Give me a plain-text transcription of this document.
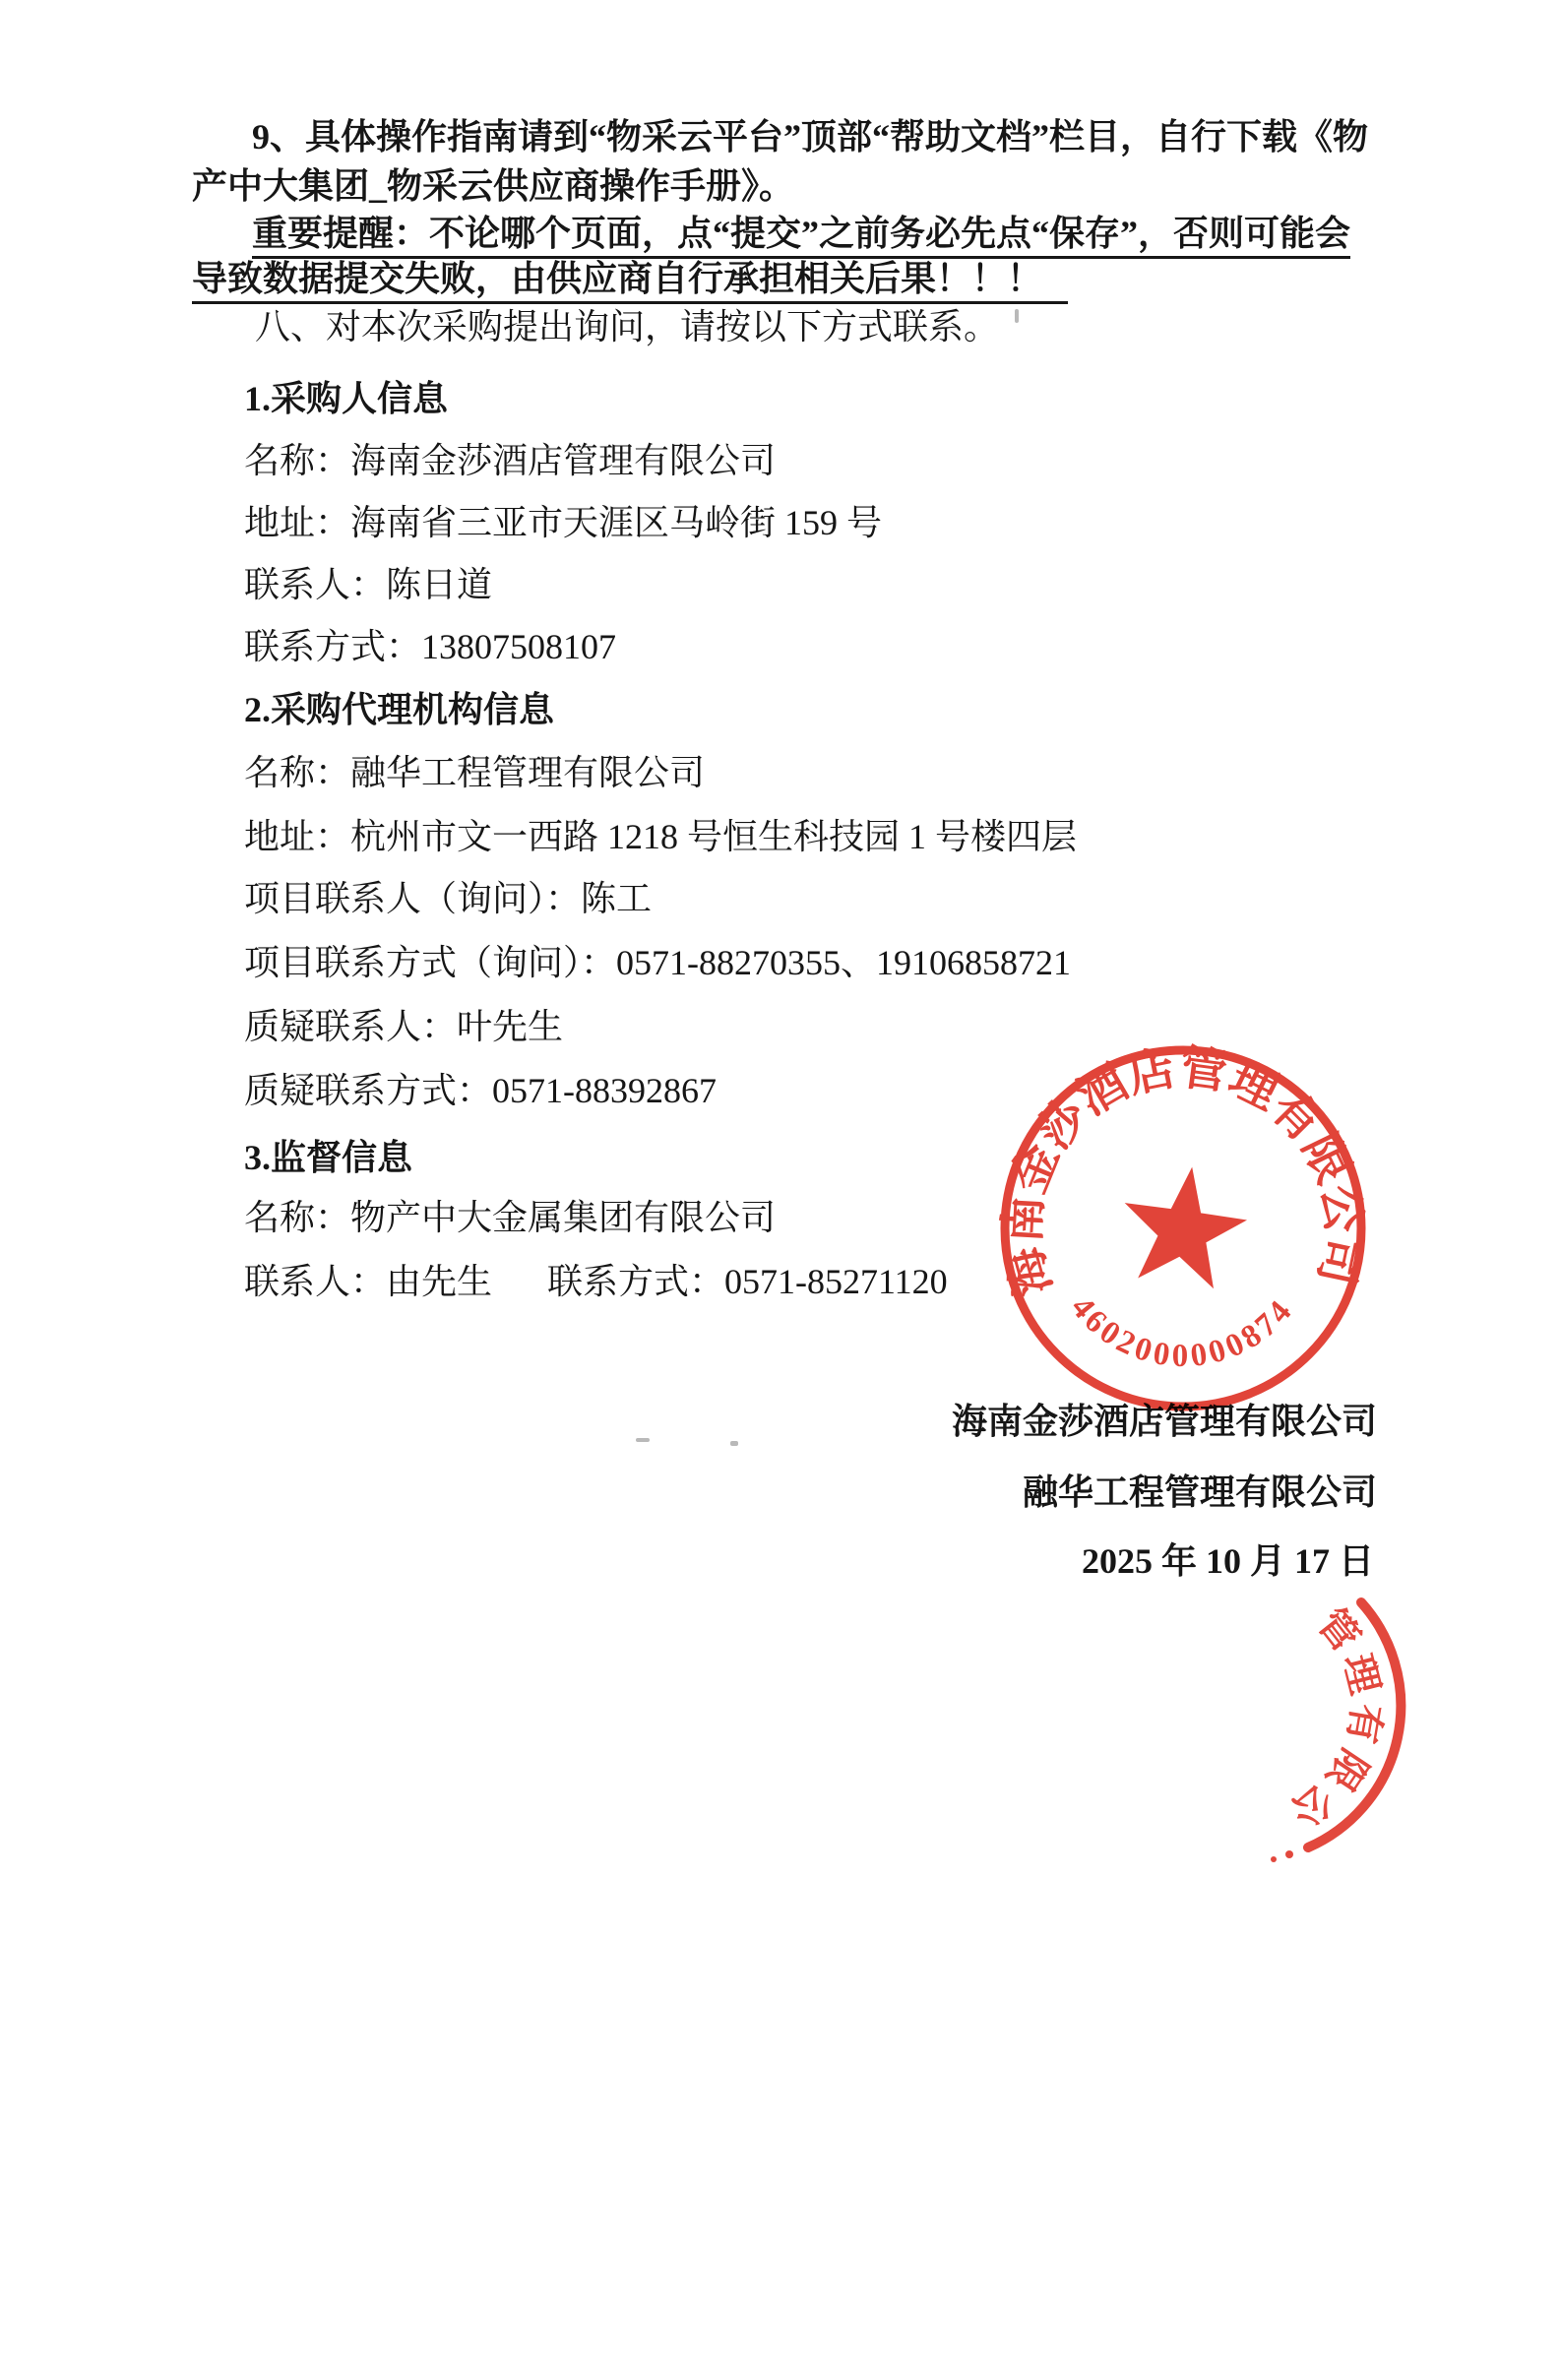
9、具体操作指南请到“物采云平台”顶部“帮助文档”栏目，自行下载《物
产中大集团_物采云供应商操作手册》。
重要提醒：不论哪个页面，点“提交”之前务必先点“保存”，否则可能会
导致数据提交失败，由供应商自行承担相关后果！！！
八、对本次采购提出询问，请按以下方式联系。
1.采购人信息
名称：海南金莎酒店管理有限公司
地址：海南省三亚市天涯区马岭街 159 号
联系人：陈日道
联系方式：13807508107
2.采购代理机构信息
名称：融华工程管理有限公司
地址：杭州市文一西路 1218 号恒生科技园 1 号楼四层
项目联系人（询问）：陈工
项目联系方式（询问）：0571-88270355、19106858721
质疑联系人：叶先生
质疑联系方式：0571-88392867
3.监督信息
名称：物产中大金属集团有限公司
联系人：由先生 联系方式：0571-85271120
海南金莎酒店管理有限公司
融华工程管理有限公司
2025 年 10 月 17 日
海南金莎酒店管理有限公司
4602000000874
管理有限公
